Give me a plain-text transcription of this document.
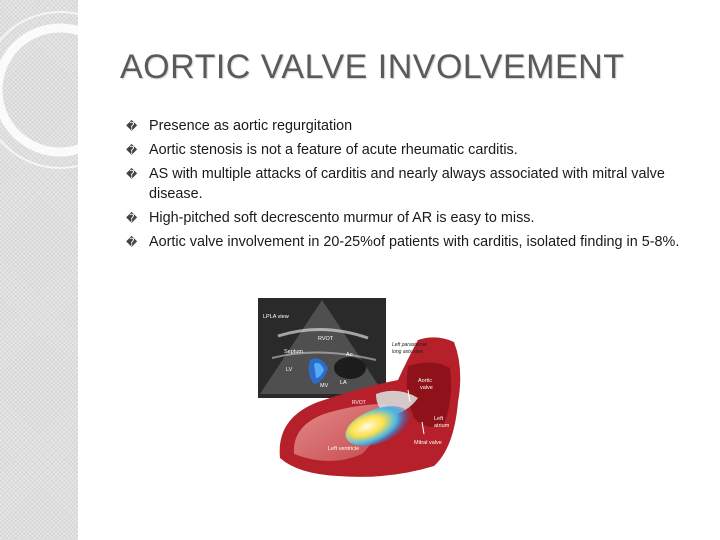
AORTIC VALVE INVOLVEMENT
� Presence as aortic regurgitation
� Aortic stenosis is not a feature of acute rheumatic carditis.
� AS with multiple attacks of carditis and nearly always associated with mitral valve disease.
� High-pitched soft decrescento murmur of AR is easy to miss.
� Aortic valve involvement in 20-25%of patients with carditis, isolated finding in 5-8%.
LPLA view
RVOT
Septum
LV
Ao
MV LA
Left parasternal
long axis view
Aortic
valve
RVOT
Left
atrium
Mitral valve
Left ventricle
